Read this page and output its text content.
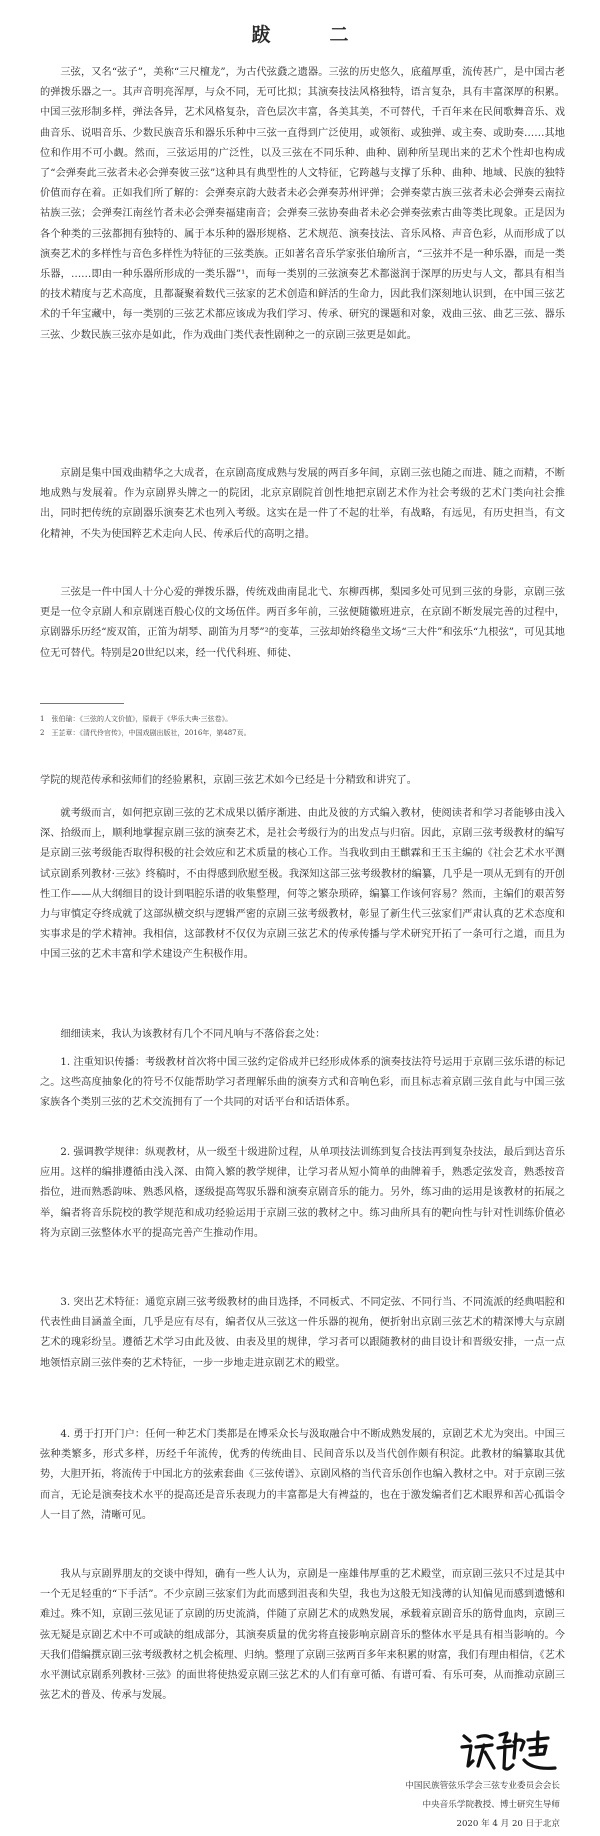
跋　二

三弦，又名“弦子”，美称“三尺檀龙”，为古代弦鼗之遗器。三弦的历史悠久，底蕴厚重，流传甚广，是中国古老的弹拨乐器之一。其声音明亮浑厚，与众不同，无可比拟；其演奏技法风格独特，语言复杂，具有丰富深厚的积累。中国三弦形制多样，弹法各异，艺术风格复杂，音色层次丰富，各美其美，不可替代，千百年来在民间歌舞音乐、戏曲音乐、说唱音乐、少数民族音乐和器乐乐种中三弦一直得到广泛使用，或领衔、或独弹、或主奏、或助奏……其地位和作用不可小觑。然而，三弦运用的广泛性，以及三弦在不同乐种、曲种、剧种所呈现出来的艺术个性却也构成了“会弹奏此三弦者未必会弹奏彼三弦”这种具有典型性的人文特征，它跨越与支撑了乐种、曲种、地域、民族的独特价值而存在着。正如我们所了解的：会弹奏京韵大鼓者未必会弹奏苏州评弹；会弹奏蒙古族三弦者未必会弹奏云南拉祜族三弦；会弹奏江南丝竹者未必会弹奏福建南音；会弹奏三弦协奏曲者未必会弹奏弦索古曲等类比现象。正是因为各个种类的三弦都拥有独特的、属于本乐种的器形规格、艺术规范、演奏技法、音乐风格、声音色彩，从而形成了以演奏艺术的多样性与音色多样性为特征的三弦类族。正如著名音乐学家张伯瑜所言，“三弦并不是一种乐器，而是一类乐器，……即由一种乐器所形成的一类乐器”¹，而每一类别的三弦演奏艺术都滋润于深厚的历史与人文，都具有相当的技术精度与艺术高度，且都凝聚着数代三弦家的艺术创造和鲜活的生命力，因此我们深刻地认识到，在中国三弦艺术的千年宝藏中，每一类别的三弦艺术都应该成为我们学习、传承、研究的课题和对象，戏曲三弦、曲艺三弦、器乐三弦、少数民族三弦亦是如此，作为戏曲门类代表性剧种之一的京剧三弦更是如此。

京剧是集中国戏曲精华之大成者，在京剧高度成熟与发展的两百多年间，京剧三弦也随之而进、随之而精，不断地成熟与发展着。作为京剧界头牌之一的院团，北京京剧院首创性地把京剧艺术作为社会考级的艺术门类向社会推出，同时把传统的京剧器乐演奏艺术也列入考级。这实在是一件了不起的壮举，有战略，有远见，有历史担当，有文化精神，不失为使国粹艺术走向人民、传承后代的高明之措。

三弦是一件中国人十分心爱的弹拨乐器，传统戏曲南昆北弋、东柳西梆，梨园多处可见到三弦的身影，京剧三弦更是一位令京剧人和京剧迷百般心仪的文场伍伴。两百多年前，三弦便随徽班进京，在京剧不断发展完善的过程中，京剧器乐历经“废双笛，正笛为胡琴、副笛为月琴”²的变革，三弦却始终稳坐文场“三大件”和弦乐“九根弦”，可见其地位无可替代。特别是20世纪以来，经一代代科班、师徒、

1　张伯瑜：《三弦的人文价值》，原载于《华乐大典·三弦卷》。

2　王芷章：《清代伶官传》，中国戏剧出版社，2016年，第487页。

学院的规范传承和弦师们的经验累积，京剧三弦艺术如今已经是十分精致和讲究了。

就考级而言，如何把京剧三弦的艺术成果以循序渐进、由此及彼的方式编入教材，使阅读者和学习者能够由浅入深、拾级而上，顺利地掌握京剧三弦的演奏艺术，是社会考级行为的出发点与归宿。因此，京剧三弦考级教材的编写是京剧三弦考级能否取得积极的社会效应和艺术质量的核心工作。当我收到由王麒霖和王玉主编的《社会艺术水平测试京剧系列教材·三弦》终稿时，不由得感到欣慰至极。我深知这部三弦考级教材的编纂，几乎是一项从无到有的开创性工作——从大纲细目的设计到唱腔乐谱的收集整理，何等之繁杂琐碎，编纂工作该何容易？然而，主编们的艰苦努力与审慎定夺终成就了这部纵横交织与逻辑严密的京剧三弦考级教材，彰显了新生代三弦家们严肃认真的艺术态度和实事求是的学术精神。我相信，这部教材不仅仅为京剧三弦艺术的传承传播与学术研究开拓了一条可行之道，而且为中国三弦的艺术丰富和学术建设产生积极作用。

细细读来，我认为该教材有几个不同凡响与不落俗套之处：

1. 注重知识传播：考级教材首次将中国三弦约定俗成并已经形成体系的演奏技法符号运用于京剧三弦乐谱的标记之。这些高度抽象化的符号不仅能帮助学习者理解乐曲的演奏方式和音响色彩，而且标志着京剧三弦自此与中国三弦家族各个类别三弦的艺术交流拥有了一个共同的对话平台和话语体系。

2. 强调教学规律：纵观教材，从一级至十级进阶过程，从单项技法训练到复合技法再到复杂技法，最后到达音乐应用。这样的编排遵循由浅入深、由简入繁的教学规律，让学习者从短小简单的曲牌着手，熟悉定弦发音，熟悉按音指位，进而熟悉韵味、熟悉风格，逐级提高驾驭乐器和演奏京剧音乐的能力。另外，练习曲的运用是该教材的拓展之举，编者将音乐院校的教学规范和成功经验运用于京剧三弦的教材之中。练习曲所具有的靶向性与针对性训练价值必将为京剧三弦整体水平的提高完善产生推动作用。

3. 突出艺术特征：通览京剧三弦考级教材的曲目选择，不同板式、不同定弦、不同行当、不同流派的经典唱腔和代表性曲目涵盖全面，几乎是应有尽有，编者仅从三弦这一件乐器的视角，便折射出京剧三弦艺术的精深博大与京剧艺术的瑰彩纷呈。遵循艺术学习由此及彼、由表及里的规律，学习者可以跟随教材的曲目设计和晋级安排，一点一点地领悟京剧三弦伴奏的艺术特征，一步一步地走进京剧艺术的殿堂。

4. 勇于打开门户：任何一种艺术门类都是在博采众长与汲取融合中不断成熟发展的，京剧艺术尤为突出。中国三弦种类繁多，形式多样，历经千年流传，优秀的传统曲目、民间音乐以及当代创作颇有积淀。此教材的编纂取其优势，大胆开拓，将流传于中国北方的弦索套曲《三弦传谱》、京剧风格的当代音乐创作也编入教材之中。对于京剧三弦而言，无论是演奏技术水平的提高还是音乐表现力的丰富都是大有裨益的，也在于激发编者们艺术眼界和苦心孤诣令人一目了然，清晰可见。

我从与京剧界朋友的交谈中得知，确有一些人认为，京剧是一座雄伟厚重的艺术殿堂，而京剧三弦只不过是其中一个无足轻重的“下手活”。不少京剧三弦家们为此而感到沮丧和失望，我也为这般无知浅薄的认知偏见而感到遗憾和难过。殊不知，京剧三弦见证了京剧的历史流淌，伴随了京剧艺术的成熟发展，承载着京剧音乐的筋骨血肉，京剧三弦无疑是京剧艺术中不可或缺的组成部分，其演奏质量的优劣将直接影响京剧音乐的整体水平是具有相当影响的。今天我们借编撰京剧三弦考级教材之机会梳理、归纳。整理了京剧三弦两百多年来积累的财富，我们有理由相信，《艺术水平测试京剧系列教材·三弦》的面世将使热爱京剧三弦艺术的人们有章可循、有谱可看、有乐可奏，从而推动京剧三弦艺术的普及、传承与发展。

中国民族管弦乐学会三弦专业委员会会长
中央音乐学院教授、博士研究生导师
2020 年 4 月 20 日于北京
